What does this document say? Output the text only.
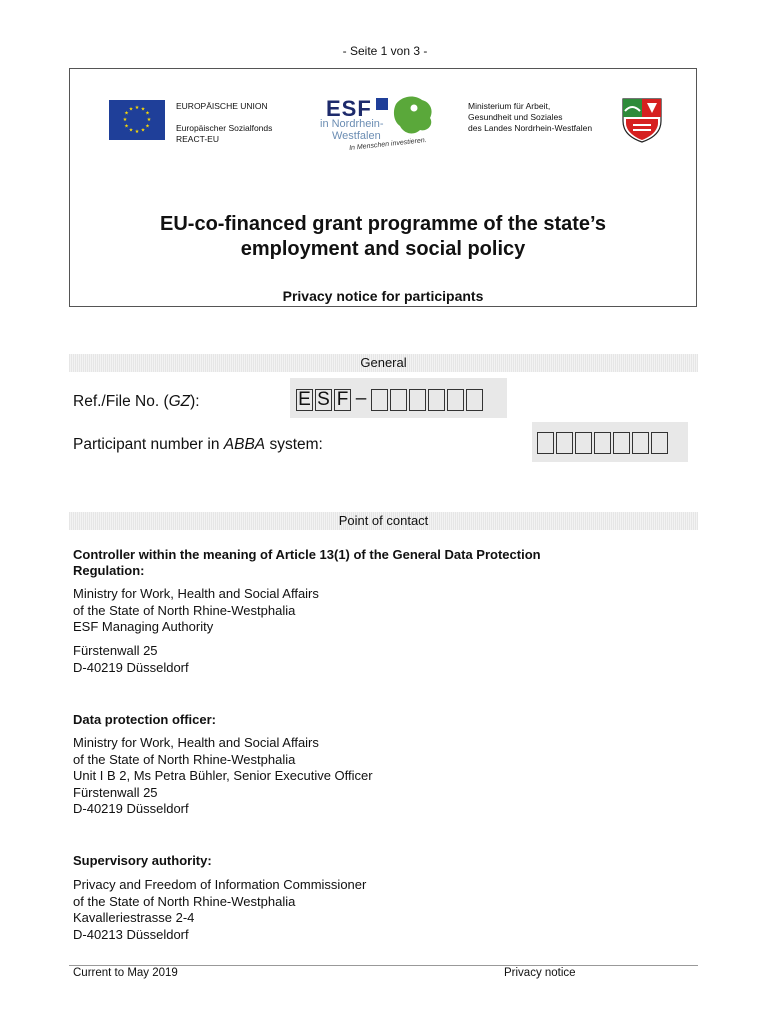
- Seite 1 von 3 -
★ ★
★
★
★
★
★
★
★
★
★
★	EUROPÄISCHE UNION

Europäischer Sozialfonds
REACT-EU
ESF
in Nordrhein-
Westfalen
In Menschen investieren.
Ministerium für Arbeit,
Gesundheit und Soziales
des Landes Nordrhein-Westfalen
EU-co-financed grant programme of the state’s
employment and social policy
Privacy notice for participants
General
Ref./File No. (GZ):	E S F –
Participant number in ABBA system:
Point of contact
Controller within the meaning of Article 13(1) of the General Data Protection
Regulation:
Ministry for Work, Health and Social Affairs
of the State of North Rhine-Westphalia
ESF Managing Authority
Fürstenwall 25
D-40219 Düsseldorf
Data protection officer:
Ministry for Work, Health and Social Affairs
of the State of North Rhine-Westphalia
Unit I B 2, Ms Petra Bühler, Senior Executive Officer
Fürstenwall 25
D-40219 Düsseldorf
Supervisory authority:
Privacy and Freedom of Information Commissioner
of the State of North Rhine-Westphalia
Kavalleriestrasse 2-4
D-40213 Düsseldorf
Current to May 2019	Privacy notice
